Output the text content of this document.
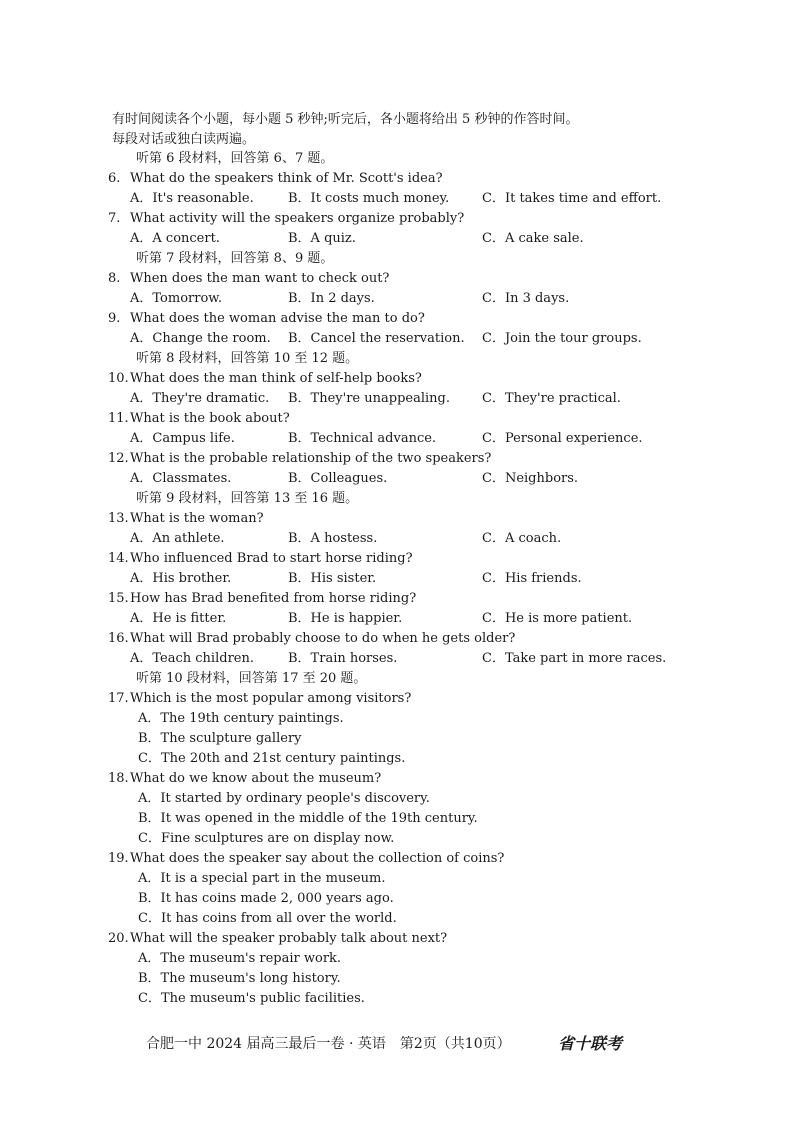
有时间阅读各个小题，每小题 5 秒钟;听完后，各小题将给出 5 秒钟的作答时间。
每段对话或独白读两遍。
听第 6 段材料，回答第 6、7 题。
6. What do the speakers think of Mr. Scott's idea?
A．It's reasonable.	B．It costs much money.	C．It takes time and effort.
7. What activity will the speakers organize probably?
A．A concert.	B．A quiz.	C．A cake sale.
听第 7 段材料，回答第 8、9 题。
8. When does the man want to check out?
A．Tomorrow.	B．In 2 days.	C．In 3 days.
9. What does the woman advise the man to do?
A．Change the room. B．Cancel the reservation. C．Join the tour groups.
听第 8 段材料，回答第 10 至 12 题。
10.What does the man think of self-help books?
A．They're dramatic. B．They're unappealing. C．They're practical.
11.What is the book about?
A．Campus life.	B．Technical advance.	C．Personal experience.
12.What is the probable relationship of the two speakers?
A．Classmates.	B．Colleagues.	C．Neighbors.
听第 9 段材料，回答第 13 至 16 题。
13.What is the woman?
A．An athlete.	B．A hostess.	C．A coach.
14.Who influenced Brad to start horse riding?
A．His brother.	B．His sister.	C．His friends.
15.How has Brad benefited from horse riding?
A．He is fitter.	B．He is happier.	C．He is more patient.
16.What will Brad probably choose to do when he gets older?
A．Teach children.	B．Train horses.	C．Take part in more races.
听第 10 段材料，回答第 17 至 20 题。
17.Which is the most popular among visitors?
A．The 19th century paintings.
B．The sculpture gallery
C．The 20th and 21st century paintings.
18.What do we know about the museum?
A．It started by ordinary people's discovery.
B．It was opened in the middle of the 19th century.
C．Fine sculptures are on display now.
19.What does the speaker say about the collection of coins?
A．It is a special part in the museum.
B．It has coins made 2, 000 years ago.
C．It has coins from all over the world.
20.What will the speaker probably talk about next?
A．The museum's repair work.
B．The museum's long history.
C．The museum's public facilities.
合肥一中 2024 届高三最后一卷 · 英语　第2页（共10页）	省十联考
